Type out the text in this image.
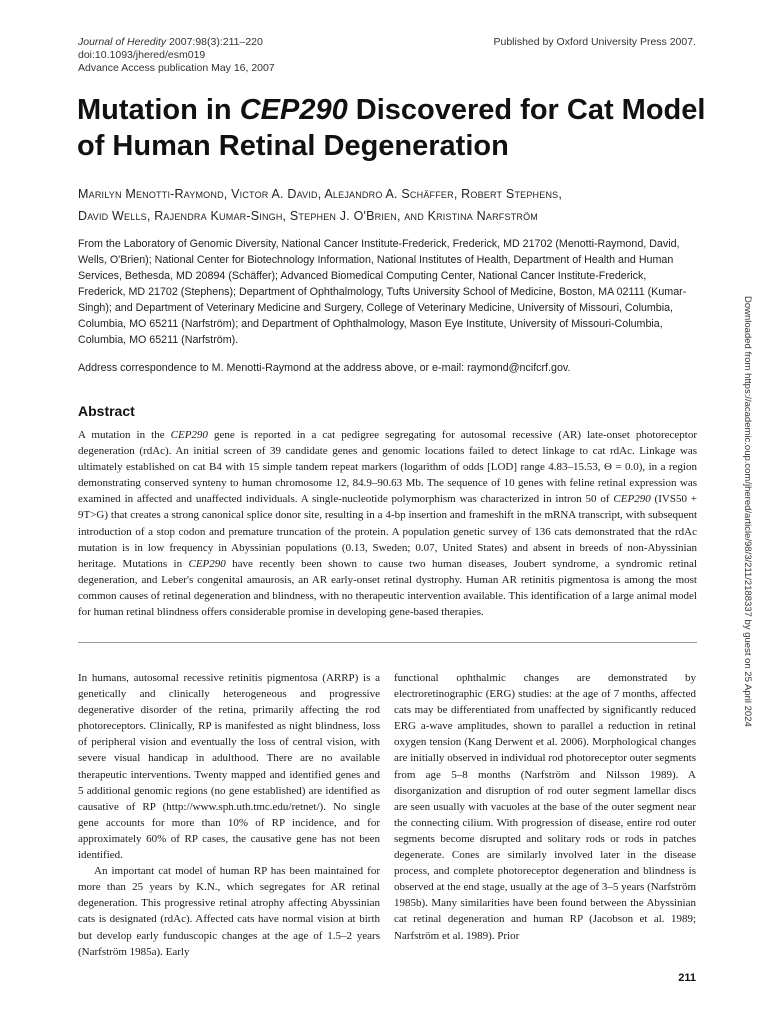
Journal of Heredity 2007:98(3):211–220
doi:10.1093/jhered/esm019
Advance Access publication May 16, 2007
Published by Oxford University Press 2007.
Mutation in CEP290 Discovered for Cat Model of Human Retinal Degeneration
Marilyn Menotti-Raymond, Victor A. David, Alejandro A. Schäffer, Robert Stephens,
David Wells, Rajendra Kumar-Singh, Stephen J. O'Brien, and Kristina Narfström
From the Laboratory of Genomic Diversity, National Cancer Institute-Frederick, Frederick, MD 21702 (Menotti-Raymond, David, Wells, O'Brien); National Center for Biotechnology Information, National Institutes of Health, Department of Health and Human Services, Bethesda, MD 20894 (Schäffer); Advanced Biomedical Computing Center, National Cancer Institute-Frederick, Frederick, MD 21702 (Stephens); Department of Ophthalmology, Tufts University School of Medicine, Boston, MA 02111 (Kumar-Singh); and Department of Veterinary Medicine and Surgery, College of Veterinary Medicine, University of Missouri, Columbia, Columbia, MO 65211 (Narfström); and Department of Ophthalmology, Mason Eye Institute, University of Missouri-Columbia, Columbia, MO 65211 (Narfström).
Address correspondence to M. Menotti-Raymond at the address above, or e-mail: raymond@ncifcrf.gov.
Abstract
A mutation in the CEP290 gene is reported in a cat pedigree segregating for autosomal recessive (AR) late-onset photoreceptor degeneration (rdAc). An initial screen of 39 candidate genes and genomic locations failed to detect linkage to cat rdAc. Linkage was ultimately established on cat B4 with 15 simple tandem repeat markers (logarithm of odds [LOD] range 4.83–15.53, Θ = 0.0), in a region demonstrating conserved synteny to human chromosome 12, 84.9–90.63 Mb. The sequence of 10 genes with feline retinal expression was examined in affected and unaffected individuals. A single-nucleotide polymorphism was characterized in intron 50 of CEP290 (IVS50 + 9T>G) that creates a strong canonical splice donor site, resulting in a 4-bp insertion and frameshift in the mRNA transcript, with subsequent introduction of a stop codon and premature truncation of the protein. A population genetic survey of 136 cats demonstrated that the rdAc mutation is in low frequency in Abyssinian populations (0.13, Sweden; 0.07, United States) and absent in breeds of non-Abyssinian heritage. Mutations in CEP290 have recently been shown to cause two human diseases, Joubert syndrome, a syndromic retinal degeneration, and Leber's congenital amaurosis, an AR early-onset retinal dystrophy. Human AR retinitis pigmentosa is among the most common causes of retinal degeneration and blindness, with no therapeutic intervention available. This identification of a large animal model for human retinal blindness offers considerable promise in developing gene-based therapies.

In humans, autosomal recessive retinitis pigmentosa (ARRP) is a genetically and clinically heterogeneous and progressive degenerative disorder of the retina, primarily affecting the rod photoreceptors. Clinically, RP is manifested as night blindness, loss of peripheral vision and eventually the loss of central vision, with severe visual handicap in adulthood. There are no available therapeutic interventions. Twenty mapped and identified genes and 5 additional genomic regions (no gene established) are identified as causative of RP (http://www.sph.uth.tmc.edu/retnet/). No single gene accounts for more than 10% of RP incidence, and for approximately 60% of RP cases, the causative gene has not been identified.

An important cat model of human RP has been maintained for more than 25 years by K.N., which segregates for AR retinal degeneration. This progressive retinal atrophy affecting Abyssinian cats is designated (rdAc). Affected cats have normal vision at birth but develop early funduscopic changes at the age of 1.5–2 years (Narfström 1985a). Early

functional ophthalmic changes are demonstrated by electroretinographic (ERG) studies: at the age of 7 months, affected cats may be differentiated from unaffected by significantly reduced ERG a-wave amplitudes, shown to parallel a reduction in retinal oxygen tension (Kang Derwent et al. 2006). Morphological changes are initially observed in individual rod photoreceptor outer segments from age 5–8 months (Narfström and Nilsson 1989). A disorganization and disruption of rod outer segment lamellar discs are seen usually with vacuoles at the base of the outer segment near the connecting cilium. With progression of disease, entire rod outer segments become disrupted and solitary rods or rods in patches degenerate. Cones are similarly involved later in the disease process, and complete photoreceptor degeneration and blindness is observed at the end stage, usually at the age of 3–5 years (Narfström 1985b). Many similarities have been found between the Abyssinian cat retinal degeneration and human RP (Jacobson et al. 1989; Narfström et al. 1989). Prior

211
Downloaded from https://academic.oup.com/jhered/article/98/3/211/2188337 by guest on 25 April 2024
